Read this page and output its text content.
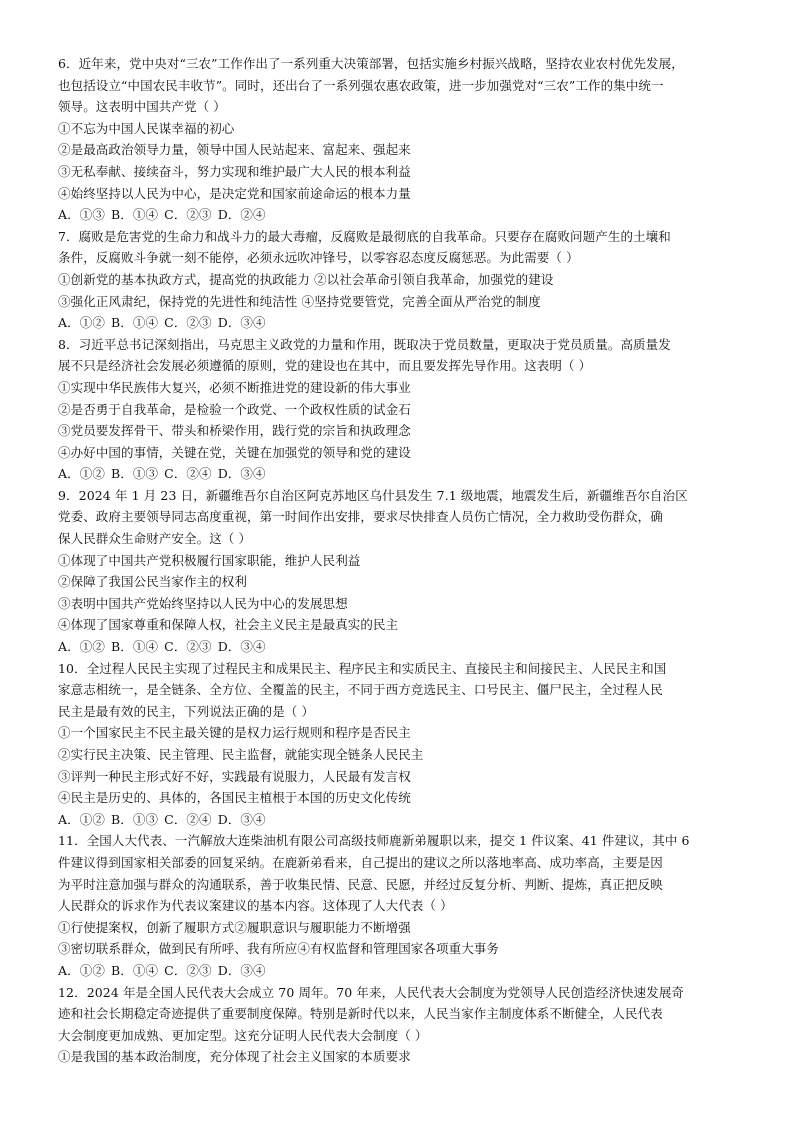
6．近年来，党中央对“三农”工作作出了一系列重大决策部署，包括实施乡村振兴战略，坚持农业农村优先发展，
也包括设立“中国农民丰收节”。同时，还出台了一系列强农惠农政策，进一步加强党对“三农”工作的集中统一
领导。这表明中国共产党（ ）
①不忘为中国人民谋幸福的初心
②是最高政治领导力量，领导中国人民站起来、富起来、强起来
③无私奉献、接续奋斗，努力实现和维护最广大人民的根本利益
④始终坚持以人民为中心，是决定党和国家前途命运的根本力量
A．①③ B．①④ C．②③ D．②④
7．腐败是危害党的生命力和战斗力的最大毒瘤，反腐败是最彻底的自我革命。只要存在腐败问题产生的土壤和
条件，反腐败斗争就一刻不能停，必须永远吹冲锋号，以零容忍态度反腐惩恶。为此需要（ ）
①创新党的基本执政方式，提高党的执政能力 ②以社会革命引领自我革命，加强党的建设
③强化正风肃纪，保持党的先进性和纯洁性 ④坚持党要管党，完善全面从严治党的制度
A．①② B．①④ C．②③ D．③④
8．习近平总书记深刻指出，马克思主义政党的力量和作用，既取决于党员数量，更取决于党员质量。高质量发
展不只是经济社会发展必须遵循的原则，党的建设也在其中，而且要发挥先导作用。这表明（ ）
①实现中华民族伟大复兴，必须不断推进党的建设新的伟大事业
②是否勇于自我革命，是检验一个政党、一个政权性质的试金石
③党员要发挥骨干、带头和桥梁作用，践行党的宗旨和执政理念
④办好中国的事情，关键在党，关键在加强党的领导和党的建设
A．①② B．①③ C．②④ D．③④
9．2024 年 1 月 23 日，新疆维吾尔自治区阿克苏地区乌什县发生 7.1 级地震，地震发生后，新疆维吾尔自治区
党委、政府主要领导同志高度重视，第一时间作出安排，要求尽快排查人员伤亡情况，全力救助受伤群众，确
保人民群众生命财产安全。这（ ）
①体现了中国共产党积极履行国家职能，维护人民利益
②保障了我国公民当家作主的权利
③表明中国共产党始终坚持以人民为中心的发展思想
④体现了国家尊重和保障人权，社会主义民主是最真实的民主
A．①② B．①④ C．②③ D．③④
10．全过程人民民主实现了过程民主和成果民主、程序民主和实质民主、直接民主和间接民主、人民民主和国
家意志相统一，是全链条、全方位、全覆盖的民主，不同于西方竞选民主、口号民主、僵尸民主，全过程人民
民主是最有效的民主，下列说法正确的是（ ）
①一个国家民主不民主最关键的是权力运行规则和程序是否民主
②实行民主决策、民主管理、民主监督，就能实现全链条人民民主
③评判一种民主形式好不好，实践最有说服力，人民最有发言权
④民主是历史的、具体的，各国民主植根于本国的历史文化传统
A．①② B．①③ C．②④ D．③④
11．全国人大代表、一汽解放大连柴油机有限公司高级技师鹿新弟履职以来，提交 1 件议案、41 件建议，其中 6
件建议得到国家相关部委的回复采纳。在鹿新弟看来，自己提出的建议之所以落地率高、成功率高，主要是因
为平时注意加强与群众的沟通联系，善于收集民情、民意、民愿，并经过反复分析、判断、提炼，真正把反映
人民群众的诉求作为代表议案建议的基本内容。这体现了人大代表（ ）
①行使提案权，创新了履职方式②履职意识与履职能力不断增强
③密切联系群众，做到民有所呼、我有所应④有权监督和管理国家各项重大事务
A．①② B．①④ C．②③ D．③④
12．2024 年是全国人民代表大会成立 70 周年。70 年来，人民代表大会制度为党领导人民创造经济快速发展奇
迹和社会长期稳定奇迹提供了重要制度保障。特别是新时代以来，人民当家作主制度体系不断健全，人民代表
大会制度更加成熟、更加定型。这充分证明人民代表大会制度（ ）
①是我国的基本政治制度，充分体现了社会主义国家的本质要求
